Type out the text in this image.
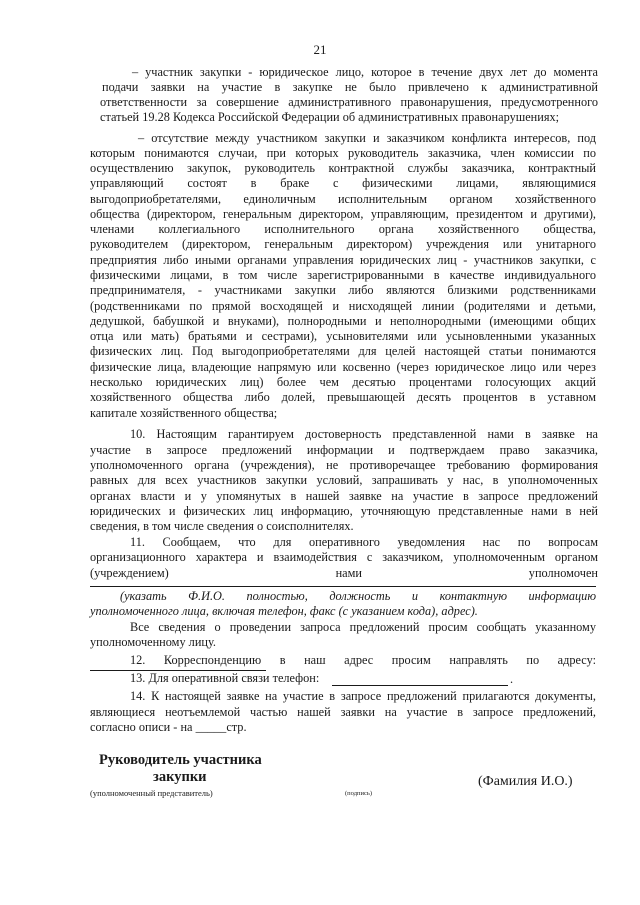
21
– участник закупки - юридическое лицо, которое в течение двух лет до момента
подачи заявки на участие в закупке не было привлечено к административной
ответственности за совершение административного правонарушения, предусмотренного
статьей 19.28 Кодекса Российской Федерации об административных правонарушениях;
– отсутствие между участником закупки и заказчиком конфликта интересов, под
которым понимаются случаи, при которых руководитель заказчика, член комиссии по
осуществлению закупок, руководитель контрактной службы заказчика, контрактный
управляющий состоят в браке с физическими лицами, являющимися
выгодоприобретателями, единоличным исполнительным органом хозяйственного
общества (директором, генеральным директором, управляющим, президентом и другими),
членами коллегиального исполнительного органа хозяйственного общества,
руководителем (директором, генеральным директором) учреждения или унитарного
предприятия либо иными органами управления юридических лиц - участников закупки, с
физическими лицами, в том числе зарегистрированными в качестве индивидуального
предпринимателя, - участниками закупки либо являются близкими родственниками
(родственниками по прямой восходящей и нисходящей линии (родителями и детьми,
дедушкой, бабушкой и внуками), полнородными и неполнородными (имеющими общих
отца или мать) братьями и сестрами), усыновителями или усыновленными указанных
физических лиц. Под выгодоприобретателями для целей настоящей статьи понимаются
физические лица, владеющие напрямую или косвенно (через юридическое лицо или через
несколько юридических лиц) более чем десятью процентами голосующих акций
хозяйственного общества либо долей, превышающей десять процентов в уставном
капитале хозяйственного общества;
10. Настоящим гарантируем достоверность представленной нами в заявке на
участие в запросе предложений информации и подтверждаем право заказчика,
уполномоченного органа (учреждения), не противоречащее требованию формирования
равных для всех участников закупки условий, запрашивать у нас, в уполномоченных
органах власти и у упомянутых в нашей заявке на участие в запросе предложений
юридических и физических лиц информацию, уточняющую представленные нами в ней
сведения, в том числе сведения о соисполнителях.
11. Сообщаем, что для оперативного уведомления нас по вопросам
организационного характера и взаимодействия с заказчиком, уполномоченным органом
(учреждением) нами уполномочен
(указать Ф.И.О. полностью, должность и контактную информацию
уполномоченного лица, включая телефон, факс (с указанием кода), адрес).
Все сведения о проведении запроса предложений просим сообщать указанному
уполномоченному лицу.
12. Корреспонденцию в наш адрес просим направлять по адресу:
13. Для оперативной связи телефон:	.
14. К настоящей заявке на участие в запросе предложений прилагаются документы,
являющиеся неотъемлемой частью нашей заявки на участие в запросе предложений,
согласно описи - на _____стр.
Руководитель участника
закупки
(уполномоченный представитель)	(подпись)
(Фамилия И.О.)
